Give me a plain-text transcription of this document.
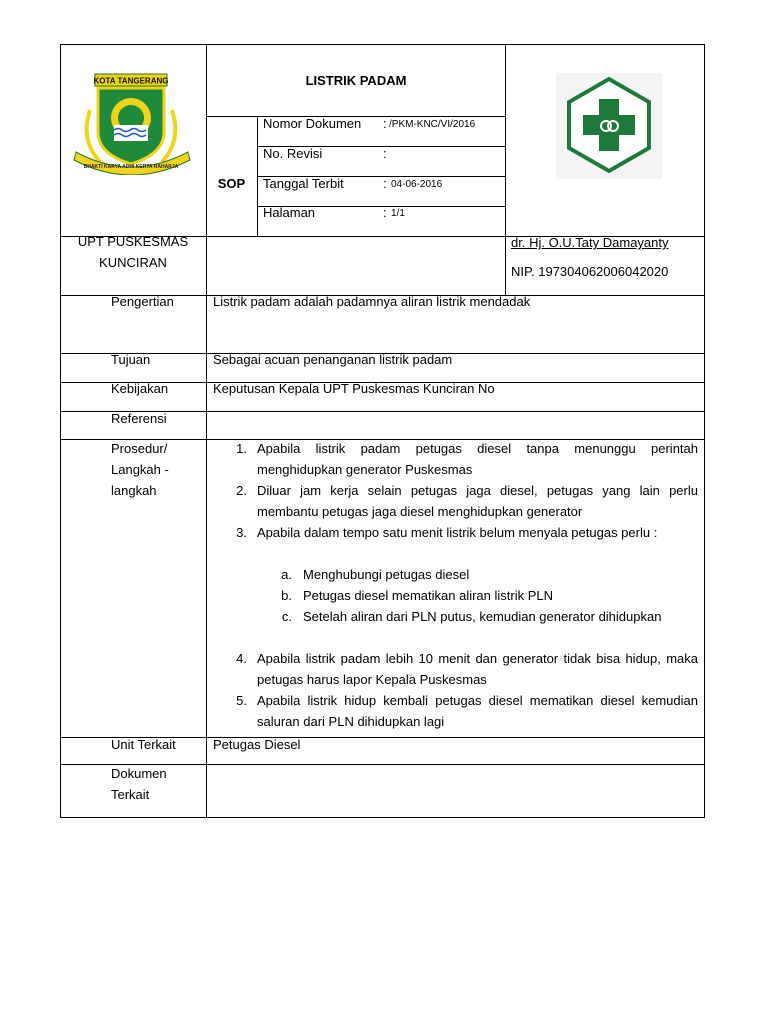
KOTA TANGERANG
BHAKTI KARYA ADHI KERTA RAHARJA
LISTRIK PADAM
SOP
Nomor Dokumen : /PKM-KNC/VI/2016
No. Revisi	:
Tanggal Terbit	: 04-06-2016
Halaman	: 1/1
UPT PUSKESMAS
KUNCIRAN
dr. Hj. O.U.Taty Damayanty
NIP. 197304062006042020
Pengertian	Listrik padam adalah padamnya aliran listrik mendadak
Tujuan	Sebagai acuan penanganan listrik padam
Kebijakan	Keputusan Kepala UPT Puskesmas Kunciran No
Referensi
Prosedur/
Langkah -
langkah
1. Apabila listrik padam petugas diesel tanpa menunggu perintah menghidupkan generator Puskesmas
2. Diluar jam kerja selain petugas jaga diesel, petugas yang lain perlu membantu petugas jaga diesel menghidupkan generator
3. Apabila dalam tempo satu menit listrik belum menyala petugas perlu :
a. Menghubungi petugas diesel
b. Petugas diesel mematikan aliran listrik PLN
c. Setelah aliran dari PLN putus, kemudian generator dihidupkan
4. Apabila listrik padam lebih 10 menit dan generator tidak bisa hidup, maka petugas harus lapor Kepala Puskesmas
5. Apabila listrik hidup kembali petugas diesel mematikan diesel kemudian saluran dari PLN dihidupkan lagi
Unit Terkait	Petugas Diesel
Dokumen
Terkait
